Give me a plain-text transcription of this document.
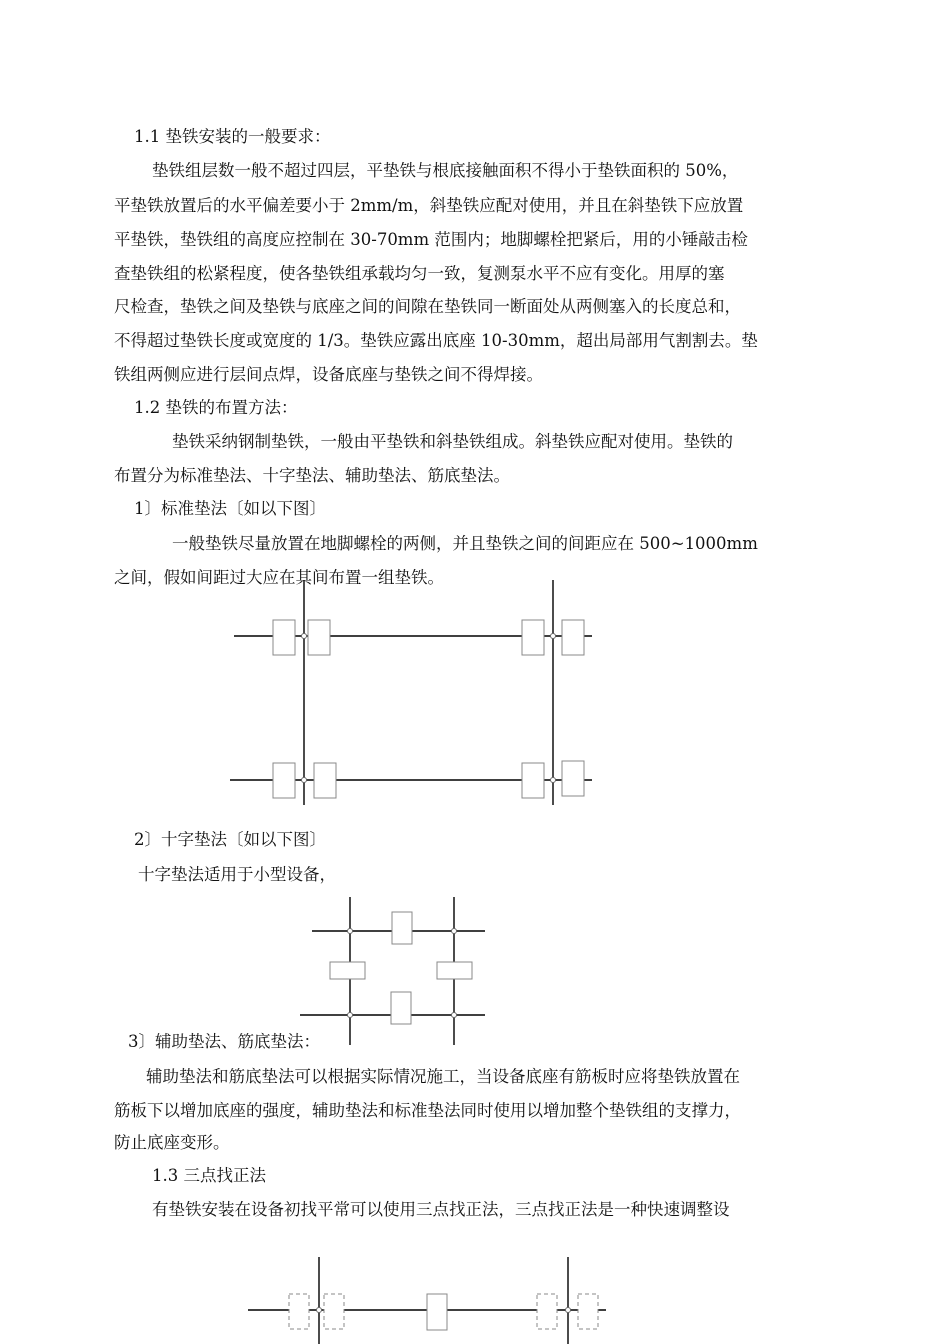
1.1 垫铁安装的一般要求：
垫铁组层数一般不超过四层，平垫铁与根底接触面积不得小于垫铁面积的 50%，
平垫铁放置后的水平偏差要小于 2mm/m，斜垫铁应配对使用，并且在斜垫铁下应放置
平垫铁，垫铁组的高度应控制在 30-70mm 范围内；地脚螺栓把紧后，用的小锤敲击检
查垫铁组的松紧程度，使各垫铁组承载均匀一致，复测泵水平不应有变化。用厚的塞
尺检查，垫铁之间及垫铁与底座之间的间隙在垫铁同一断面处从两侧塞入的长度总和，
不得超过垫铁长度或宽度的 1/3。垫铁应露出底座 10-30mm，超出局部用气割割去。垫
铁组两侧应进行层间点焊，设备底座与垫铁之间不得焊接。
1.2 垫铁的布置方法：
垫铁采纳钢制垫铁，一般由平垫铁和斜垫铁组成。斜垫铁应配对使用。垫铁的
布置分为标准垫法、十字垫法、辅助垫法、筋底垫法。
1〕标准垫法〔如以下图〕
一般垫铁尽量放置在地脚螺栓的两侧，并且垫铁之间的间距应在 500~1000mm
之间，假如间距过大应在其间布置一组垫铁。
2〕十字垫法〔如以下图〕
十字垫法适用于小型设备，
3〕辅助垫法、筋底垫法：
辅助垫法和筋底垫法可以根据实际情况施工，当设备底座有筋板时应将垫铁放置在
筋板下以增加底座的强度，辅助垫法和标准垫法同时使用以增加整个垫铁组的支撑力，
防止底座变形。
1.3 三点找正法
有垫铁安装在设备初找平常可以使用三点找正法，三点找正法是一种快速调整设
